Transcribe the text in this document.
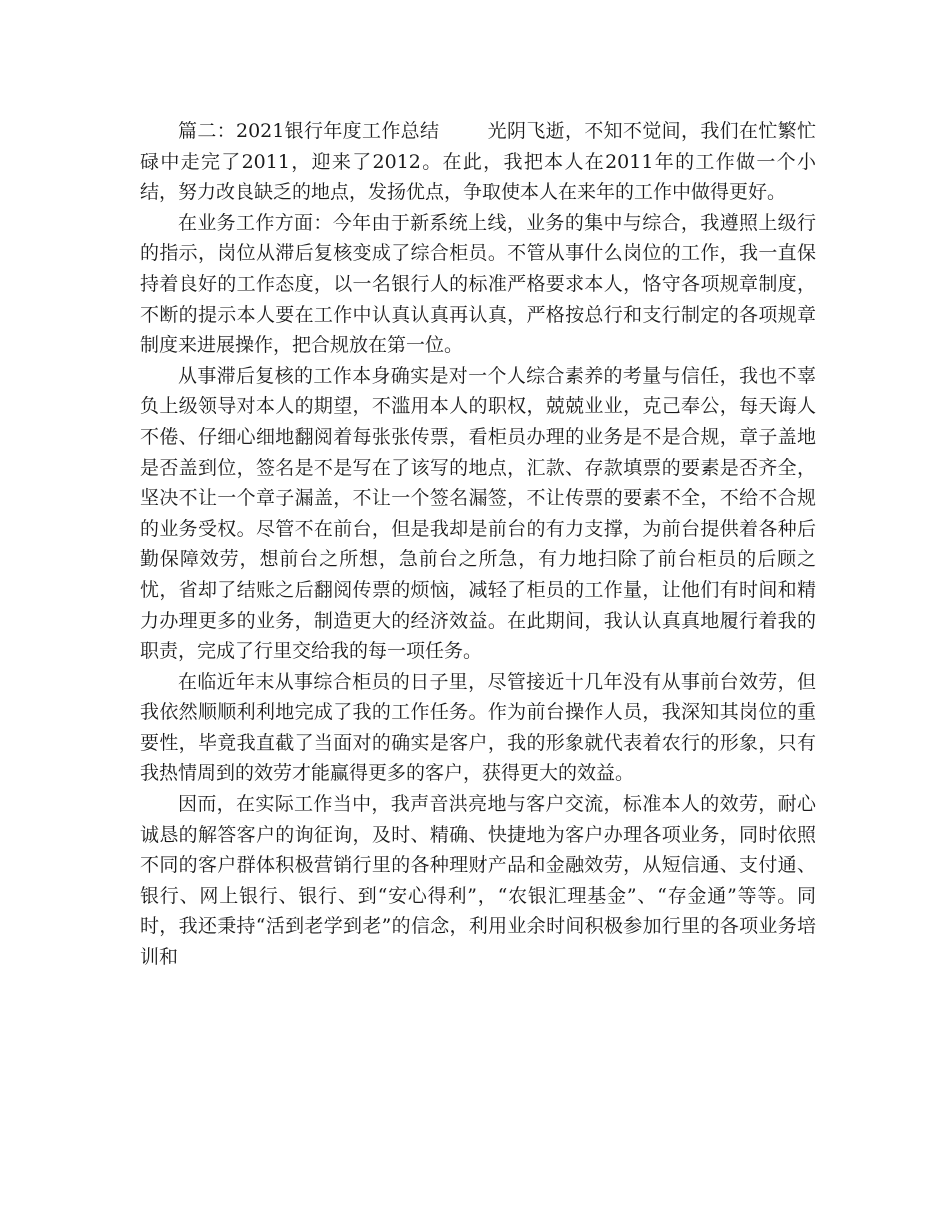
篇二：2021银行年度工作总结	光阴飞逝，不知不觉间，我们在忙繁忙碌中走完了2011，迎来了2012。在此，我把本人在2011年的工作做一个小结，努力改良缺乏的地点，发扬优点，争取使本人在来年的工作中做得更好。

在业务工作方面：今年由于新系统上线，业务的集中与综合，我遵照上级行的指示，岗位从滞后复核变成了综合柜员。不管从事什么岗位的工作，我一直保持着良好的工作态度，以一名银行人的标准严格要求本人，恪守各项规章制度，不断的提示本人要在工作中认真认真再认真，严格按总行和支行制定的各项规章制度来进展操作，把合规放在第一位。

从事滞后复核的工作本身确实是对一个人综合素养的考量与信任，我也不辜负上级领导对本人的期望，不滥用本人的职权，兢兢业业，克己奉公，每天诲人不倦、仔细心细地翻阅着每张张传票，看柜员办理的业务是不是合规，章子盖地是否盖到位，签名是不是写在了该写的地点，汇款、存款填票的要素是否齐全，坚决不让一个章子漏盖，不让一个签名漏签，不让传票的要素不全，不给不合规的业务受权。尽管不在前台，但是我却是前台的有力支撑，为前台提供着各种后勤保障效劳，想前台之所想，急前台之所急，有力地扫除了前台柜员的后顾之忧，省却了结账之后翻阅传票的烦恼，减轻了柜员的工作量，让他们有时间和精力办理更多的业务，制造更大的经济效益。在此期间，我认认真真地履行着我的职责，完成了行里交给我的每一项任务。

在临近年末从事综合柜员的日子里，尽管接近十几年没有从事前台效劳，但我依然顺顺利利地完成了我的工作任务。作为前台操作人员，我深知其岗位的重要性，毕竟我直截了当面对的确实是客户，我的形象就代表着农行的形象，只有我热情周到的效劳才能赢得更多的客户，获得更大的效益。

因而，在实际工作当中，我声音洪亮地与客户交流，标准本人的效劳，耐心诚恳的解答客户的询征询，及时、精确、快捷地为客户办理各项业务，同时依照不同的客户群体积极营销行里的各种理财产品和金融效劳，从短信通、支付通、银行、网上银行、银行、到“安心得利”，“农银汇理基金”、“存金通”等等。同时，我还秉持“活到老学到老”的信念，利用业余时间积极参加行里的各项业务培训和
